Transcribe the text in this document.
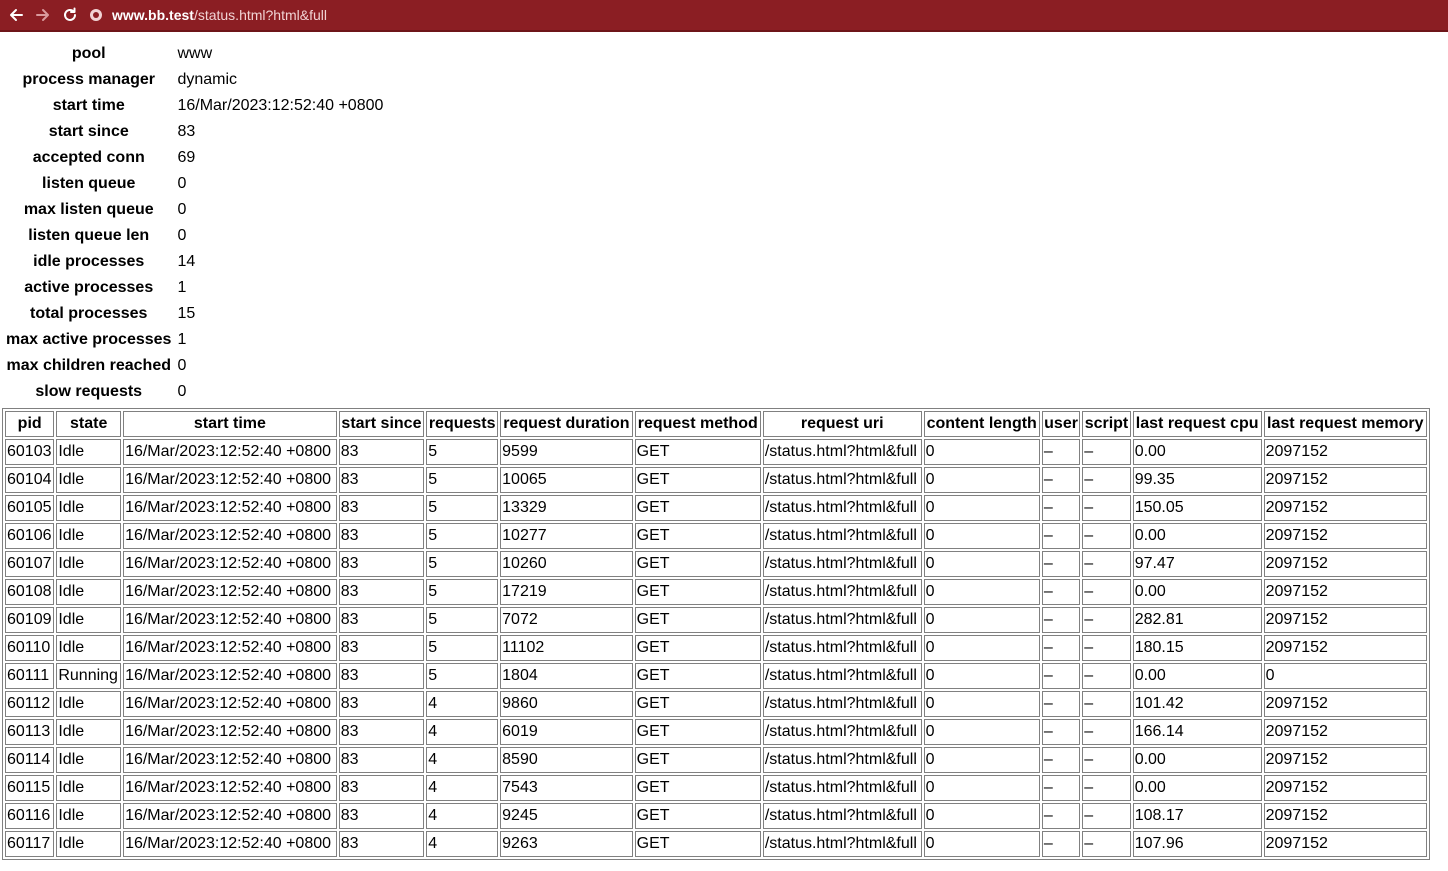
www.bb.test /status.html?html&full
pool	www
process manager	dynamic
start time	16/Mar/2023:12:52:40 +0800
start since	83
accepted conn	69
listen queue	0
max listen queue	0
listen queue len	0
idle processes	14
active processes	1
total processes	15
max active processes	1
max children reached	0
slow requests	0
pid	state	start time	start since	requests	request duration	request method	request uri	content length	user	script	last request cpu	last request memory
60103	Idle	16/Mar/2023:12:52:40 +0800	83	5	9599	GET	/status.html?html&full	0	–	–	0.00	2097152
60104	Idle	16/Mar/2023:12:52:40 +0800	83	5	10065	GET	/status.html?html&full	0	–	–	99.35	2097152
60105	Idle	16/Mar/2023:12:52:40 +0800	83	5	13329	GET	/status.html?html&full	0	–	–	150.05	2097152
60106	Idle	16/Mar/2023:12:52:40 +0800	83	5	10277	GET	/status.html?html&full	0	–	–	0.00	2097152
60107	Idle	16/Mar/2023:12:52:40 +0800	83	5	10260	GET	/status.html?html&full	0	–	–	97.47	2097152
60108	Idle	16/Mar/2023:12:52:40 +0800	83	5	17219	GET	/status.html?html&full	0	–	–	0.00	2097152
60109	Idle	16/Mar/2023:12:52:40 +0800	83	5	7072	GET	/status.html?html&full	0	–	–	282.81	2097152
60110	Idle	16/Mar/2023:12:52:40 +0800	83	5	11102	GET	/status.html?html&full	0	–	–	180.15	2097152
60111	Running	16/Mar/2023:12:52:40 +0800	83	5	1804	GET	/status.html?html&full	0	–	–	0.00	0
60112	Idle	16/Mar/2023:12:52:40 +0800	83	4	9860	GET	/status.html?html&full	0	–	–	101.42	2097152
60113	Idle	16/Mar/2023:12:52:40 +0800	83	4	6019	GET	/status.html?html&full	0	–	–	166.14	2097152
60114	Idle	16/Mar/2023:12:52:40 +0800	83	4	8590	GET	/status.html?html&full	0	–	–	0.00	2097152
60115	Idle	16/Mar/2023:12:52:40 +0800	83	4	7543	GET	/status.html?html&full	0	–	–	0.00	2097152
60116	Idle	16/Mar/2023:12:52:40 +0800	83	4	9245	GET	/status.html?html&full	0	–	–	108.17	2097152
60117	Idle	16/Mar/2023:12:52:40 +0800	83	4	9263	GET	/status.html?html&full	0	–	–	107.96	2097152
